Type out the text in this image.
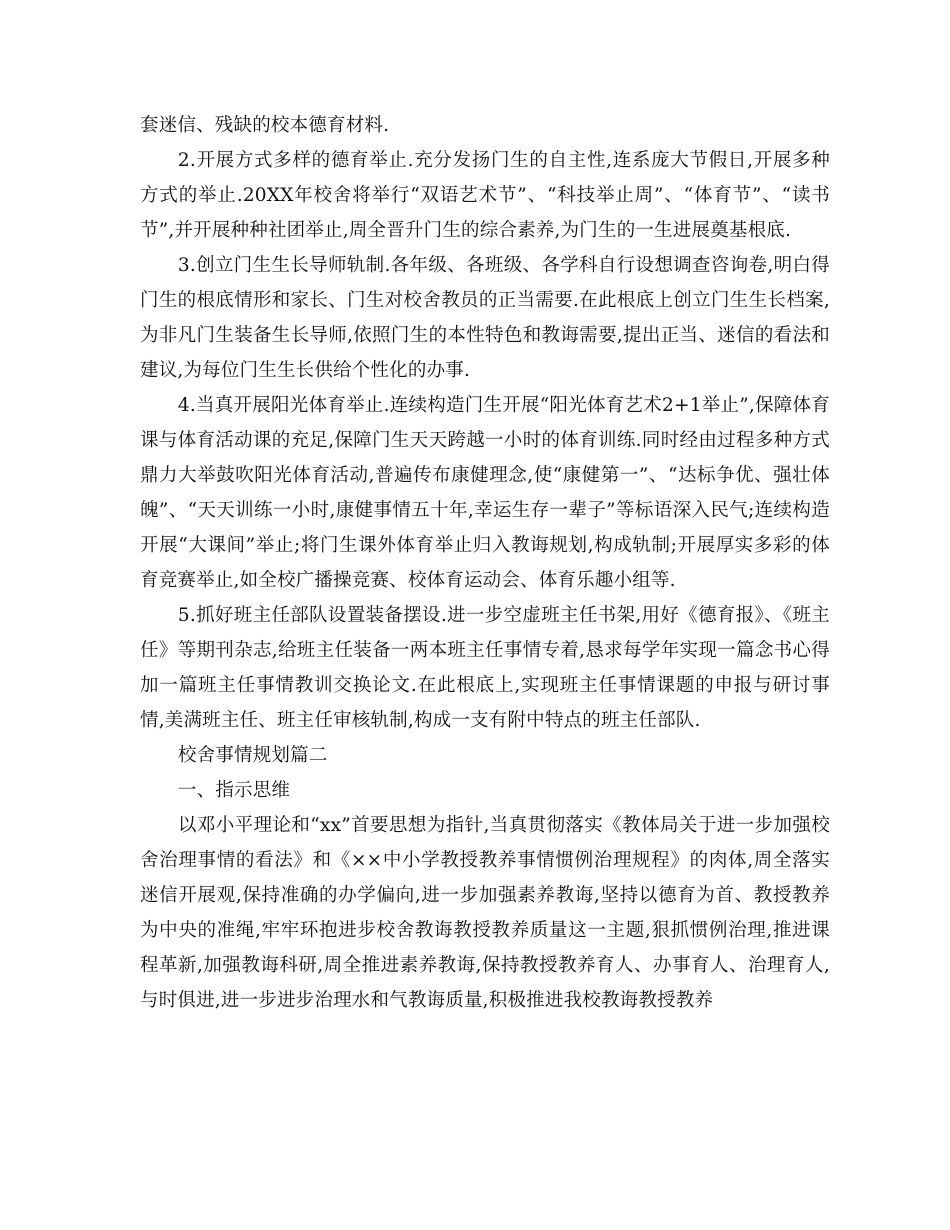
套迷信、残缺的校本德育材料.

2.开展方式多样的德育举止.充分发扬门生的自主性,连系庞大节假日,开展多种方式的举止.20XX年校舍将举行“双语艺术节”、“科技举止周”、“体育节”、“读书节”,并开展种种社团举止,周全晋升门生的综合素养,为门生的一生进展奠基根底.

3.创立门生生长导师轨制.各年级、各班级、各学科自行设想调查咨询卷,明白得门生的根底情形和家长、门生对校舍教员的正当需要.在此根底上创立门生生长档案,为非凡门生装备生长导师,依照门生的本性特色和教诲需要,提出正当、迷信的看法和建议,为每位门生生长供给个性化的办事.

4.当真开展阳光体育举止.连续构造门生开展“阳光体育艺术2+1举止”,保障体育课与体育活动课的充足,保障门生天天跨越一小时的体育训练.同时经由过程多种方式鼎力大举鼓吹阳光体育活动,普遍传布康健理念,使“康健第一”、“达标争优、强壮体魄”、“天天训练一小时,康健事情五十年,幸运生存一辈子”等标语深入民气;连续构造开展“大课间”举止;将门生课外体育举止归入教诲规划,构成轨制;开展厚实多彩的体育竞赛举止,如全校广播操竞赛、校体育运动会、体育乐趣小组等.

5.抓好班主任部队设置装备摆设.进一步空虚班主任书架,用好《德育报》、《班主任》等期刊杂志,给班主任装备一两本班主任事情专着,恳求每学年实现一篇念书心得加一篇班主任事情教训交换论文.在此根底上,实现班主任事情课题的申报与研讨事情,美满班主任、班主任审核轨制,构成一支有附中特点的班主任部队.

校舍事情规划篇二

一、指示思维

以邓小平理论和“xx”首要思想为指针,当真贯彻落实《教体局关于进一步加强校舍治理事情的看法》和《××中小学教授教养事情惯例治理规程》的肉体,周全落实迷信开展观,保持准确的办学偏向,进一步加强素养教诲,坚持以德育为首、教授教养为中央的准绳,牢牢环抱进步校舍教诲教授教养质量这一主题,狠抓惯例治理,推进课程革新,加强教诲科研,周全推进素养教诲,保持教授教养育人、办事育人、治理育人,与时俱进,进一步进步治理水和气教诲质量,积极推进我校教诲教授教养
